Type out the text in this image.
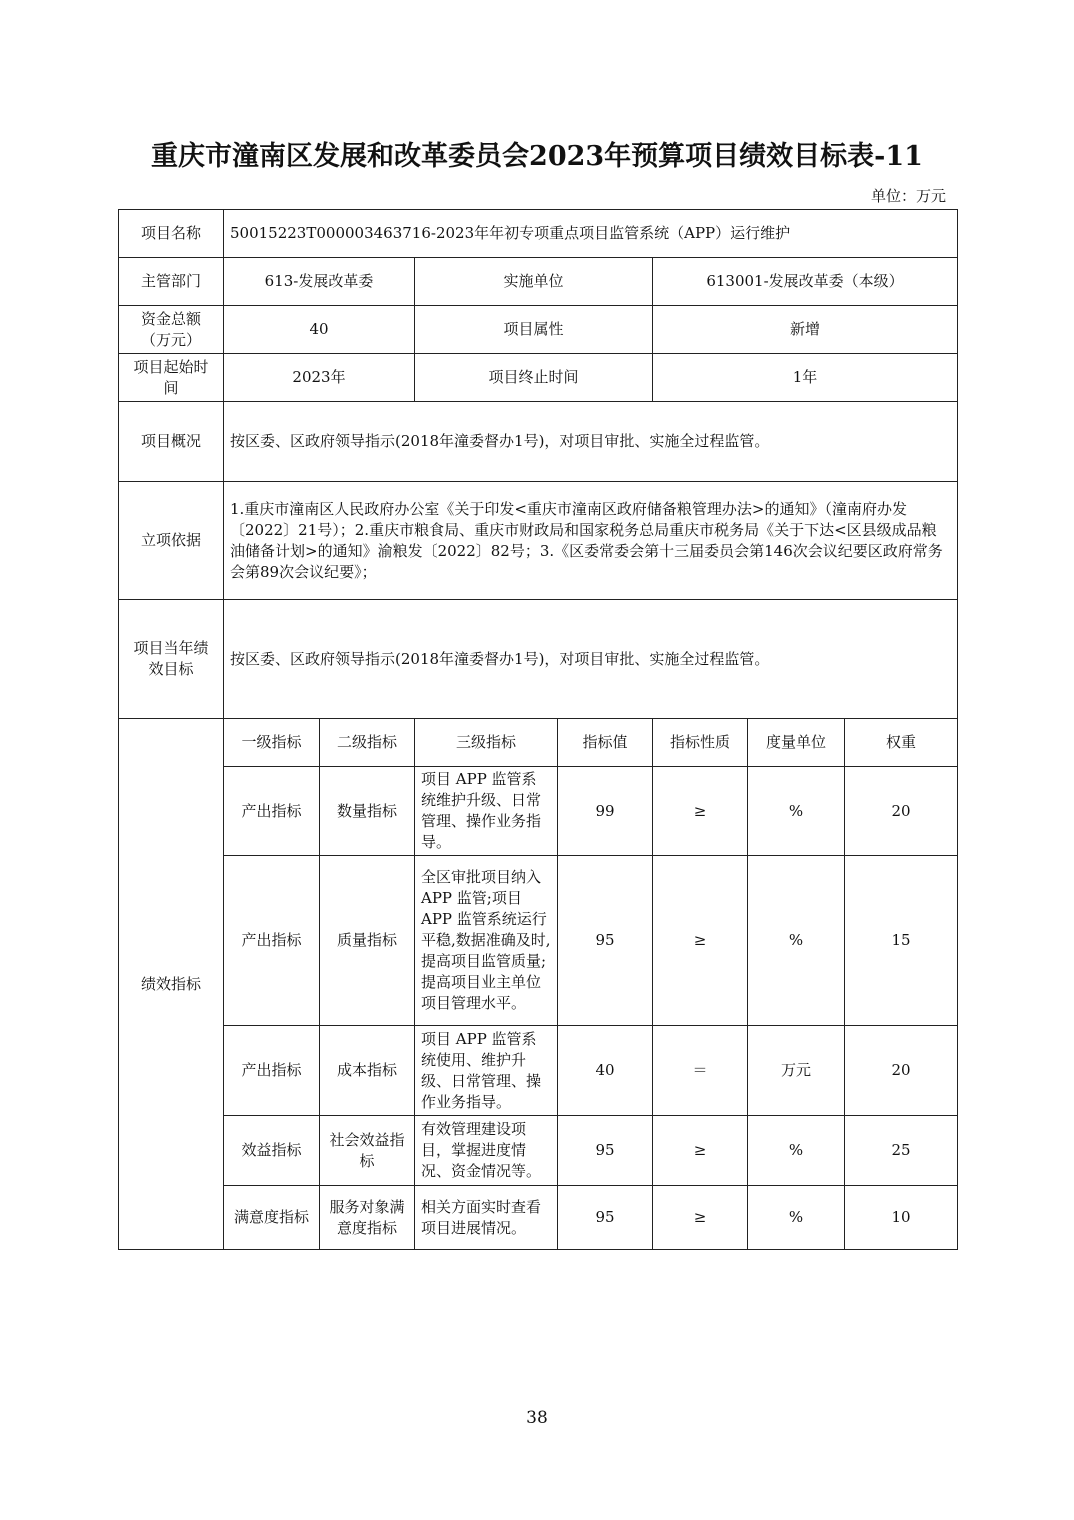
重庆市潼南区发展和改革委员会2023年预算项目绩效目标表-11
单位：万元
项目名称	50015223T000003463716-2023年年初专项重点项目监管系统（APP）运行维护						
主管部门	613-发展改革委		实施单位		613001-发展改革委（本级）		
资金总额
（万元）	40		项目属性		新增		
项目起始时
间	2023年		项目终止时间		1年		
项目概况	按区委、区政府领导指示(2018年潼委督办1号)，对项目审批、实施全过程监管。						
立项依据	1.重庆市潼南区人民政府办公室《关于印发<重庆市潼南区政府储备粮管理办法>的通知》（潼南府办发〔2022〕21号）；2.重庆市粮食局、重庆市财政局和国家税务总局重庆市税务局《关于下达<区县级成品粮油储备计划>的通知》渝粮发〔2022〕82号；3.《区委常委会第十三届委员会第146次会议纪要区政府常务会第89次会议纪要》；						
项目当年绩
效目标	按区委、区政府领导指示(2018年潼委督办1号)，对项目审批、实施全过程监管。						
绩效指标	一级指标	二级指标	三级指标	指标值	指标性质	度量单位	权重
	产出指标	数量指标	项目 APP 监管系统维护升级、日常管理、操作业务指导。	99	≥	%	20
	产出指标	质量指标	全区审批项目纳入 APP 监管;项目 APP 监管系统运行平稳,数据准确及时,提高项目监管质量;提高项目业主单位项目管理水平。	95	≥	%	15
	产出指标	成本指标	项目 APP 监管系统使用、维护升级、日常管理、操作业务指导。	40	＝	万元	20
	效益指标	社会效益指标	有效管理建设项目，掌握进度情况、资金情况等。	95	≥	%	25
	满意度指标	服务对象满意度指标	相关方面实时查看项目进展情况。	95	≥	%	10
38
